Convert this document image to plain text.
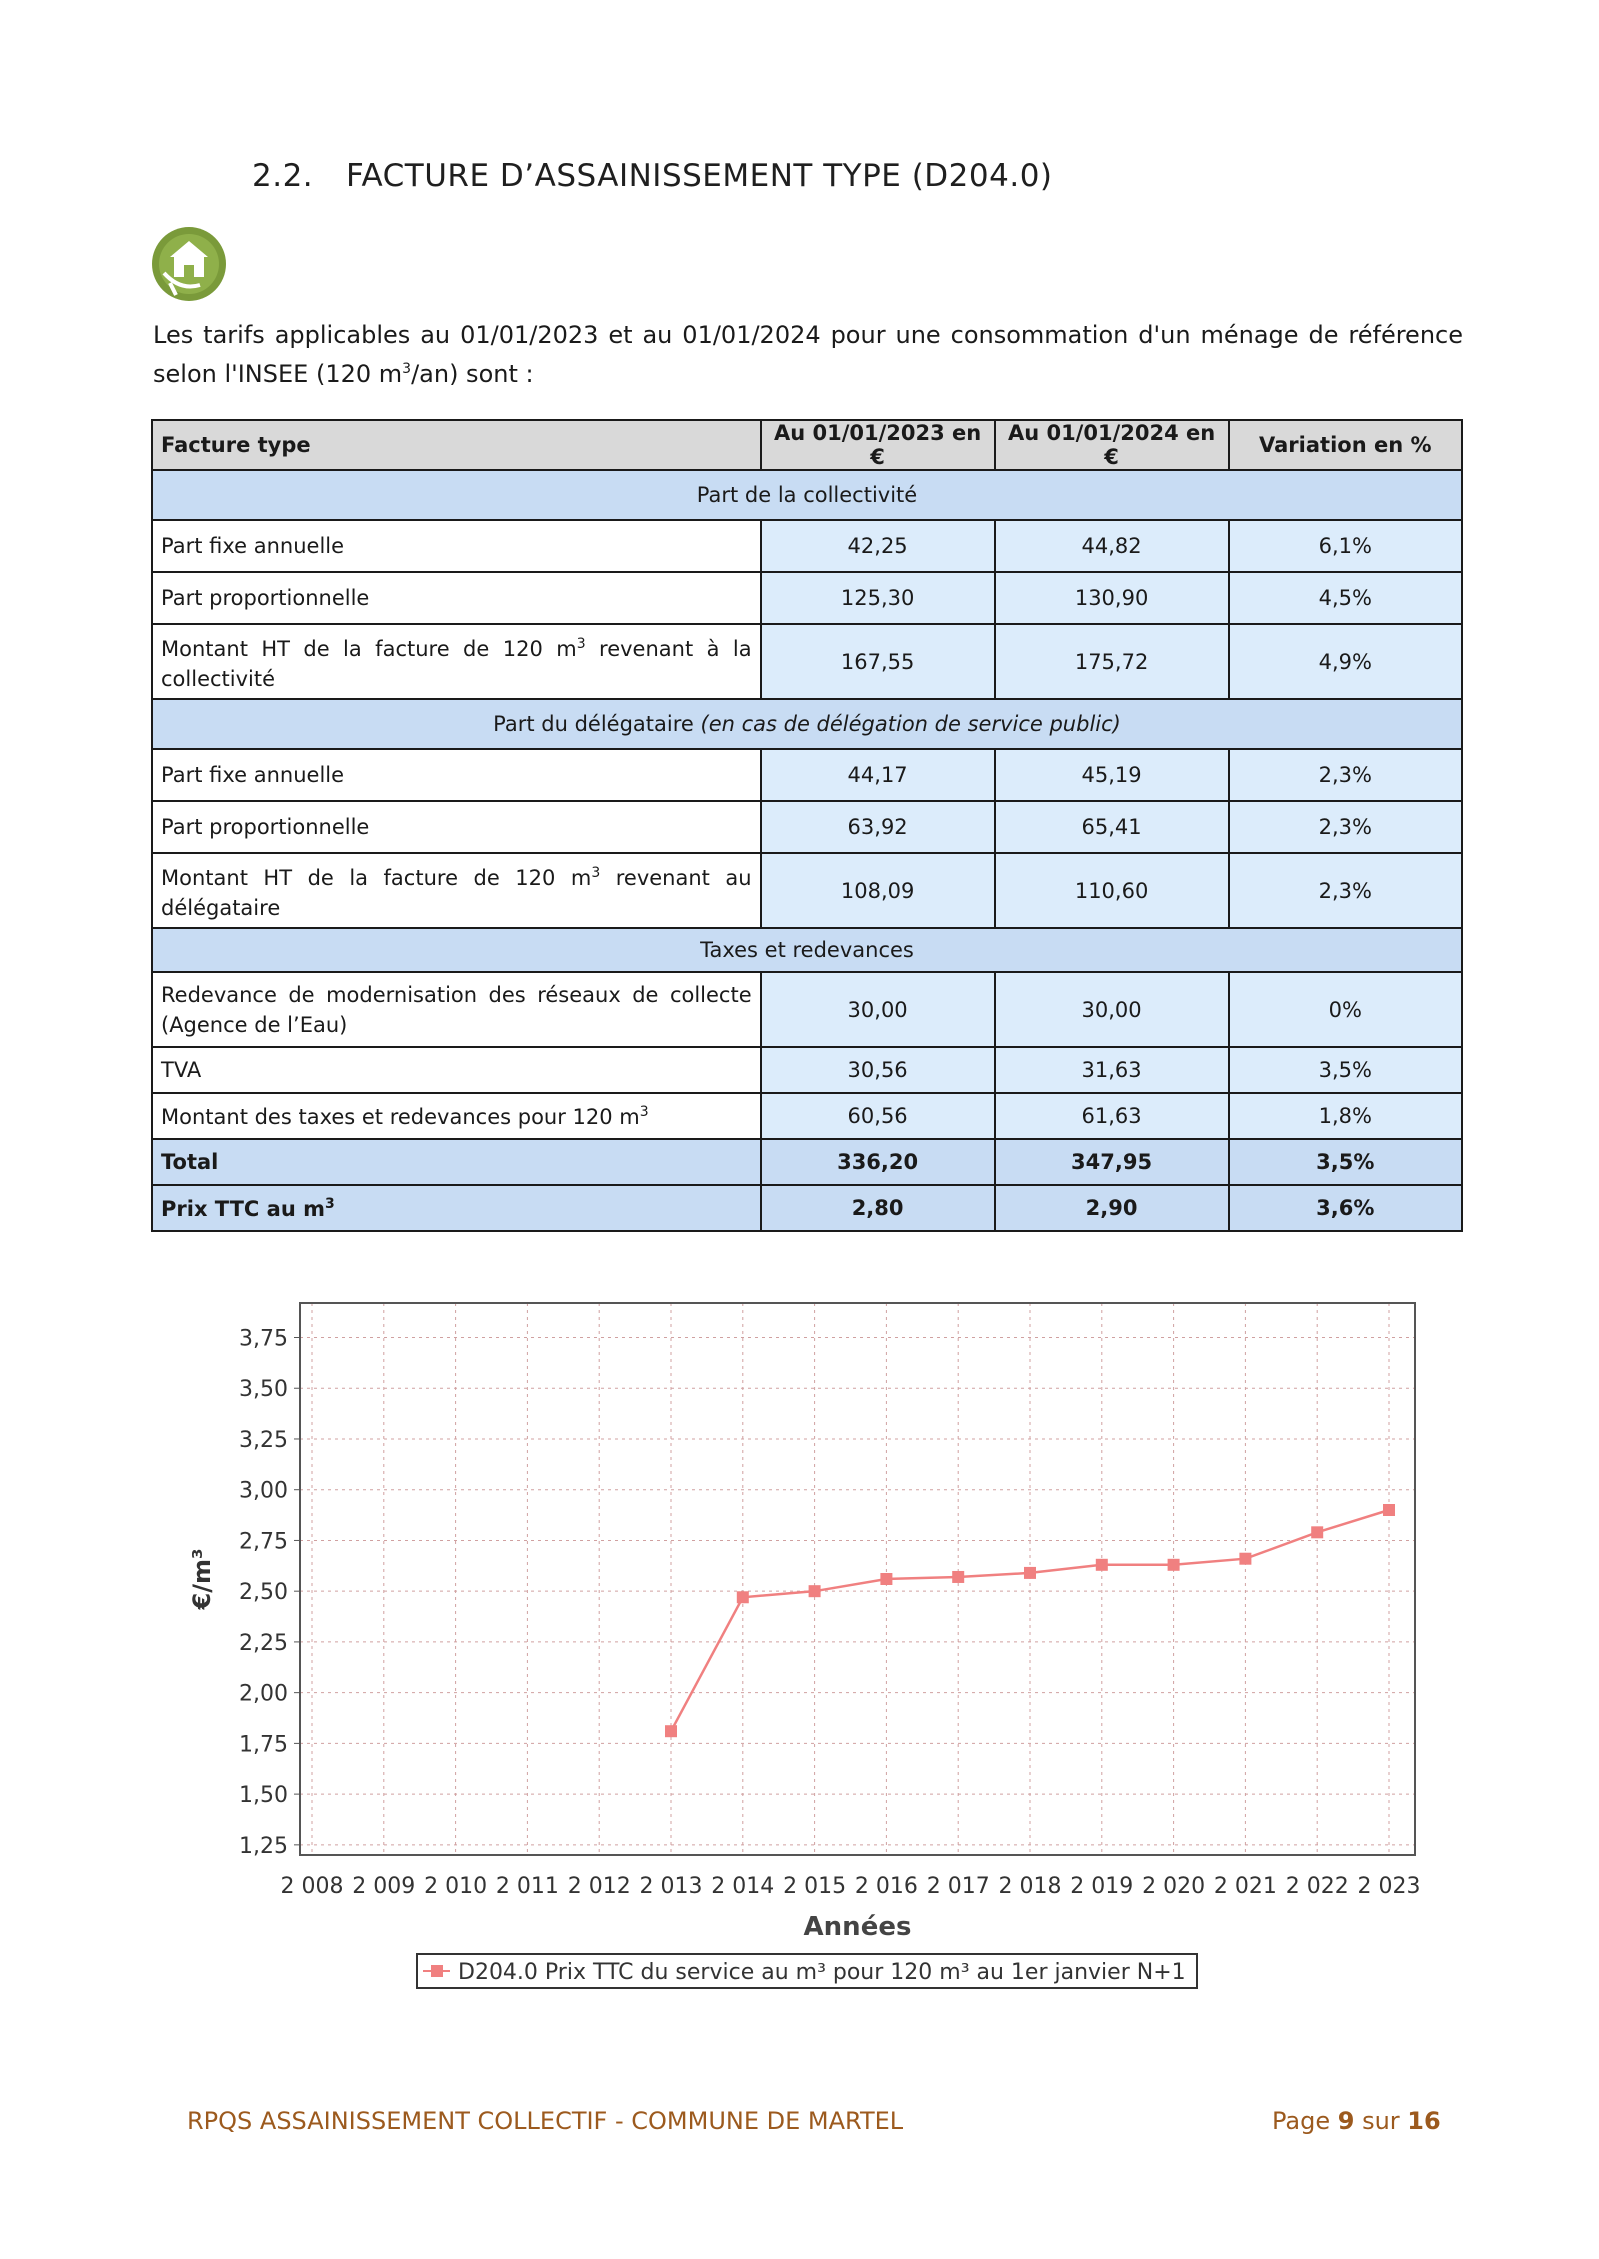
2.2. FACTURE D’ASSAINISSEMENT TYPE (D204.0)
Les tarifs applicables au 01/01/2023 et au 01/01/2024 pour une consommation d'un ménage de référence selon l'INSEE (120 $m^3/an$) sont :
Facture type	Au 01/01/2023 en €	Au 01/01/2024 en €	Variation en %
Part de la collectivité			
Part fixe annuelle	42,25	44,82	6,1%
Part proportionnelle	125,30	130,90	4,5%
Montant HT de la facture de 120 $m^3$ revenant à la collectivité	167,55	175,72	4,9%
Part du délégataire (en cas de délégation de service public)			
Part fixe annuelle	44,17	45,19	2,3%
Part proportionnelle	63,92	65,41	2,3%
Montant HT de la facture de 120 $m^3$ revenant au délégataire	108,09	110,60	2,3%
Taxes et redevances			
Redevance de modernisation des réseaux de collecte (Agence de l’Eau)	30,00	30,00	0%
TVA	30,56	31,63	3,5%
Montant des taxes et redevances pour 120 $m^3$	60,56	61,63	1,8%
Total	336,20	347,95	3,5%
Prix TTC au $m^3$	2,80	2,90	3,6%
1,25
1,50
1,75
2,00
2,25
2,50
2,75
3,00
3,25
3,50
3,75
2 008 2 009 2 010 2 011 2 012 2 013 2 014 2 015 2 016 2 017 2 018 2 019 2 020 2 021 2 022 2 023
€/m³
Années
D204.0 Prix TTC du service au m³ pour 120 m³ au 1er janvier N+1
RPQS ASSAINISSEMENT COLLECTIF - COMMUNE DE MARTEL	Page 9 sur 16
